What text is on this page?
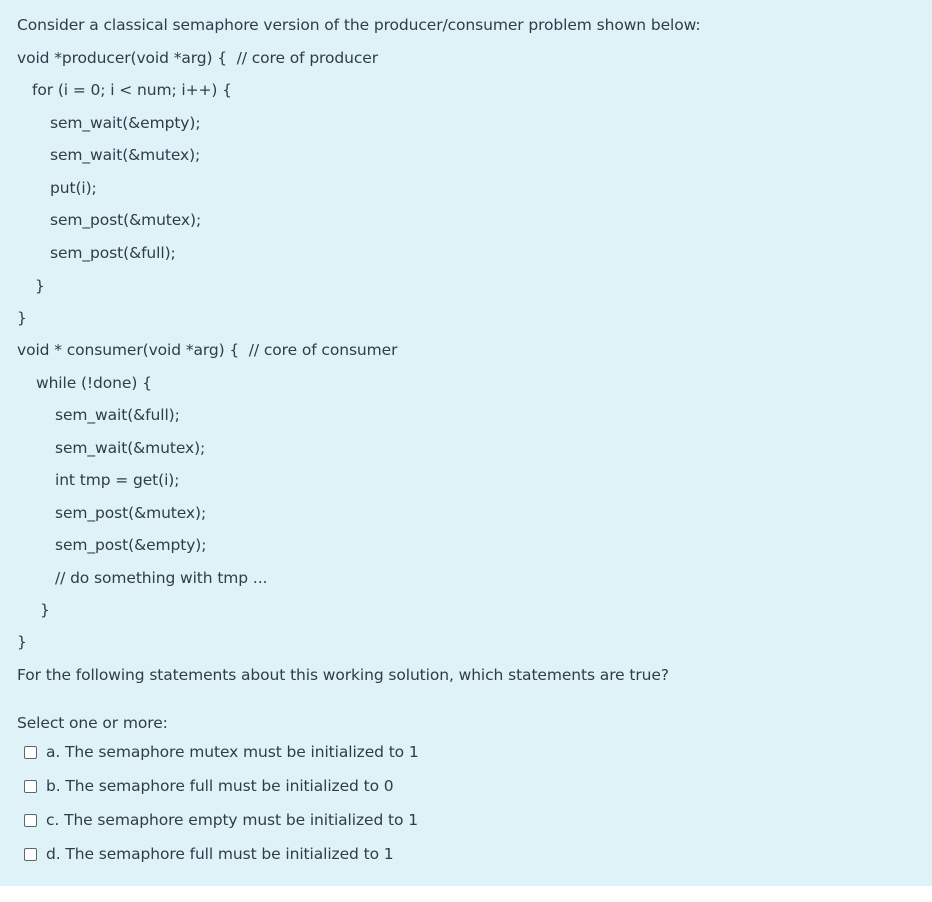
Consider a classical semaphore version of the producer/consumer problem shown below:
void *producer(void *arg) {  // core of producer
for (i = 0; i < num; i++) {
sem_wait(&empty);
sem_wait(&mutex);
put(i);
sem_post(&mutex);
sem_post(&full);
}
}
void * consumer(void *arg) {  // core of consumer
while (!done) {
sem_wait(&full);
sem_wait(&mutex);
int tmp = get(i);
sem_post(&mutex);
sem_post(&empty);
// do something with tmp ...
}
}
For the following statements about this working solution, which statements are true?
Select one or more:
a. The semaphore mutex must be initialized to 1
b. The semaphore full must be initialized to 0
c. The semaphore empty must be initialized to 1
d. The semaphore full must be initialized to 1
